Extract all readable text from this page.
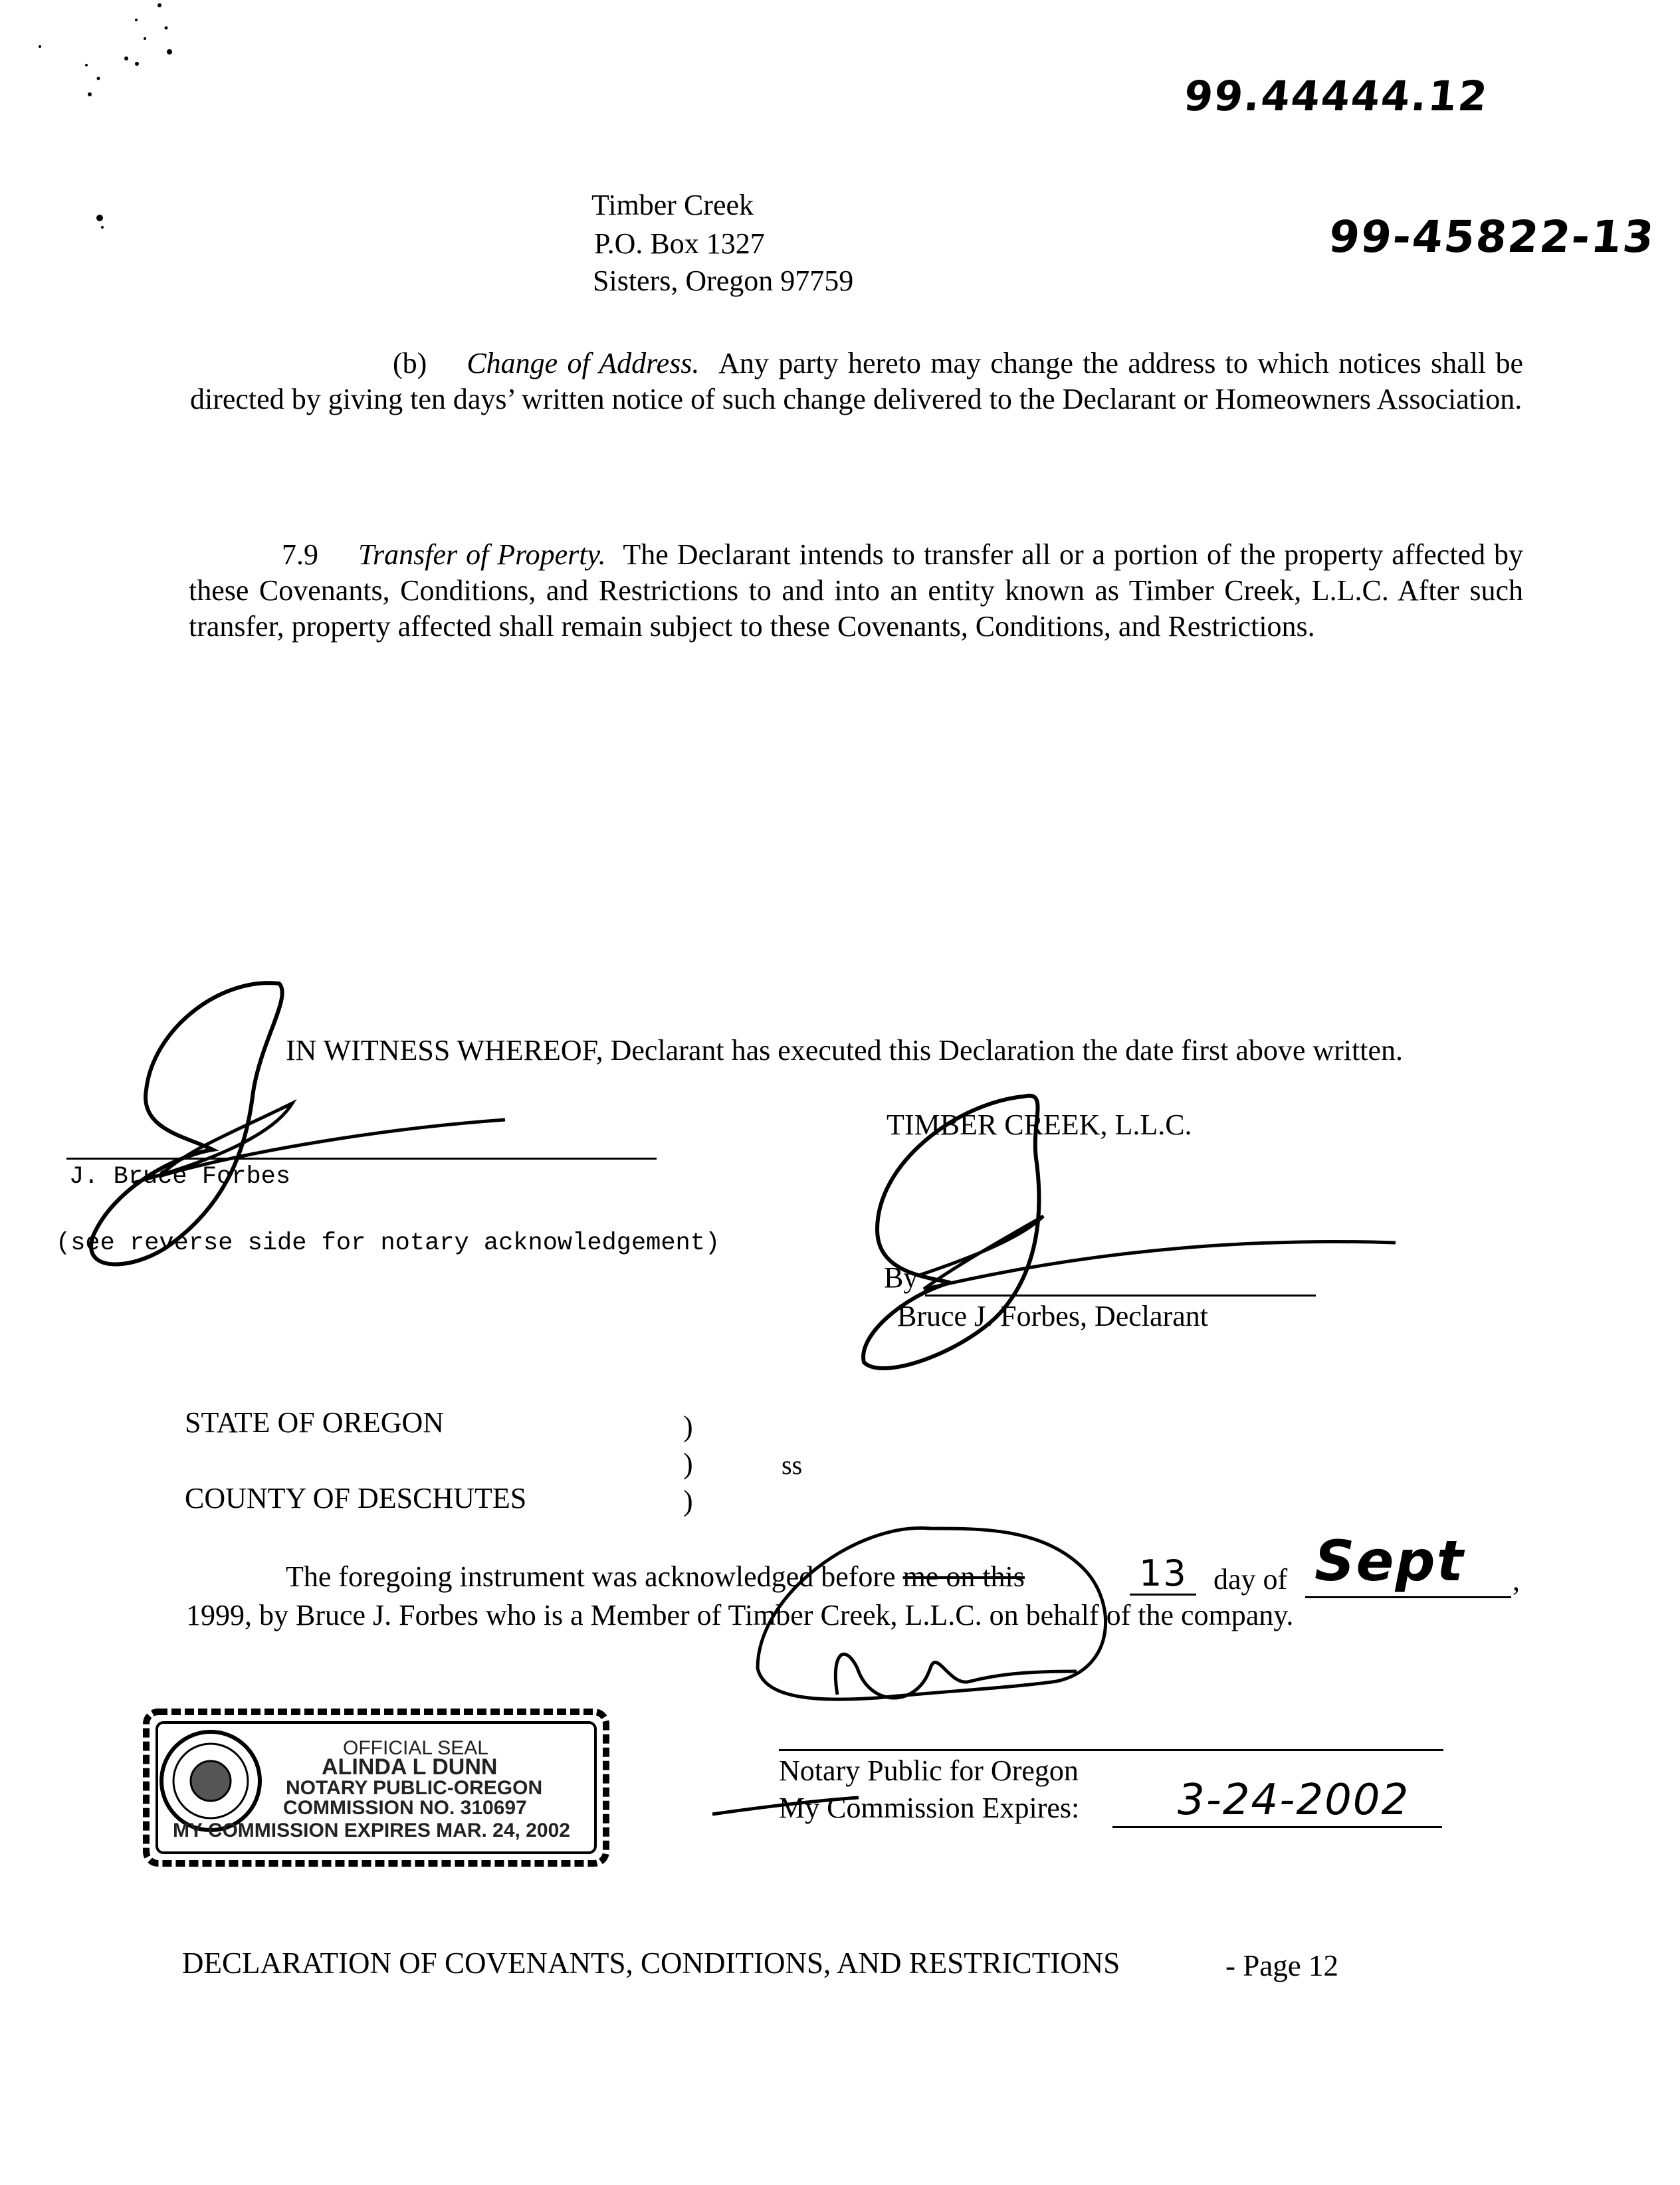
99.44444.12
99-45822-13
Timber Creek
P.O. Box 1327
Sisters, Oregon 97759
(b) Change of Address. Any party hereto may change the address to which notices shall be directed by giving ten days’ written notice of such change delivered to the Declarant or Homeowners Association.
7.9 Transfer of Property. The Declarant intends to transfer all or a portion of the property affected by these Covenants, Conditions, and Restrictions to and into an entity known as Timber Creek, L.L.C. After such transfer, property affected shall remain subject to these Covenants, Conditions, and Restrictions.
IN WITNESS WHEREOF, Declarant has executed this Declaration the date first above written.
J. Bruce Forbes
(see reverse side for notary acknowledgement)
TIMBER CREEK, L.L.C.
By
Bruce J. Forbes, Declarant
STATE OF OREGON
COUNTY OF DESCHUTES
)
)
)
ss
The foregoing instrument was acknowledged before me on this	13 day of Sept ,
1999, by Bruce J. Forbes who is a Member of Timber Creek, L.L.C. on behalf of the company.
Notary Public for Oregon
My Commission Expires: 3-24-2002
OFFICIAL SEAL
ALINDA L DUNN
NOTARY PUBLIC-OREGON
COMMISSION NO. 310697
MY COMMISSION EXPIRES MAR. 24, 2002
DECLARATION OF COVENANTS, CONDITIONS, AND RESTRICTIONS	- Page 12
